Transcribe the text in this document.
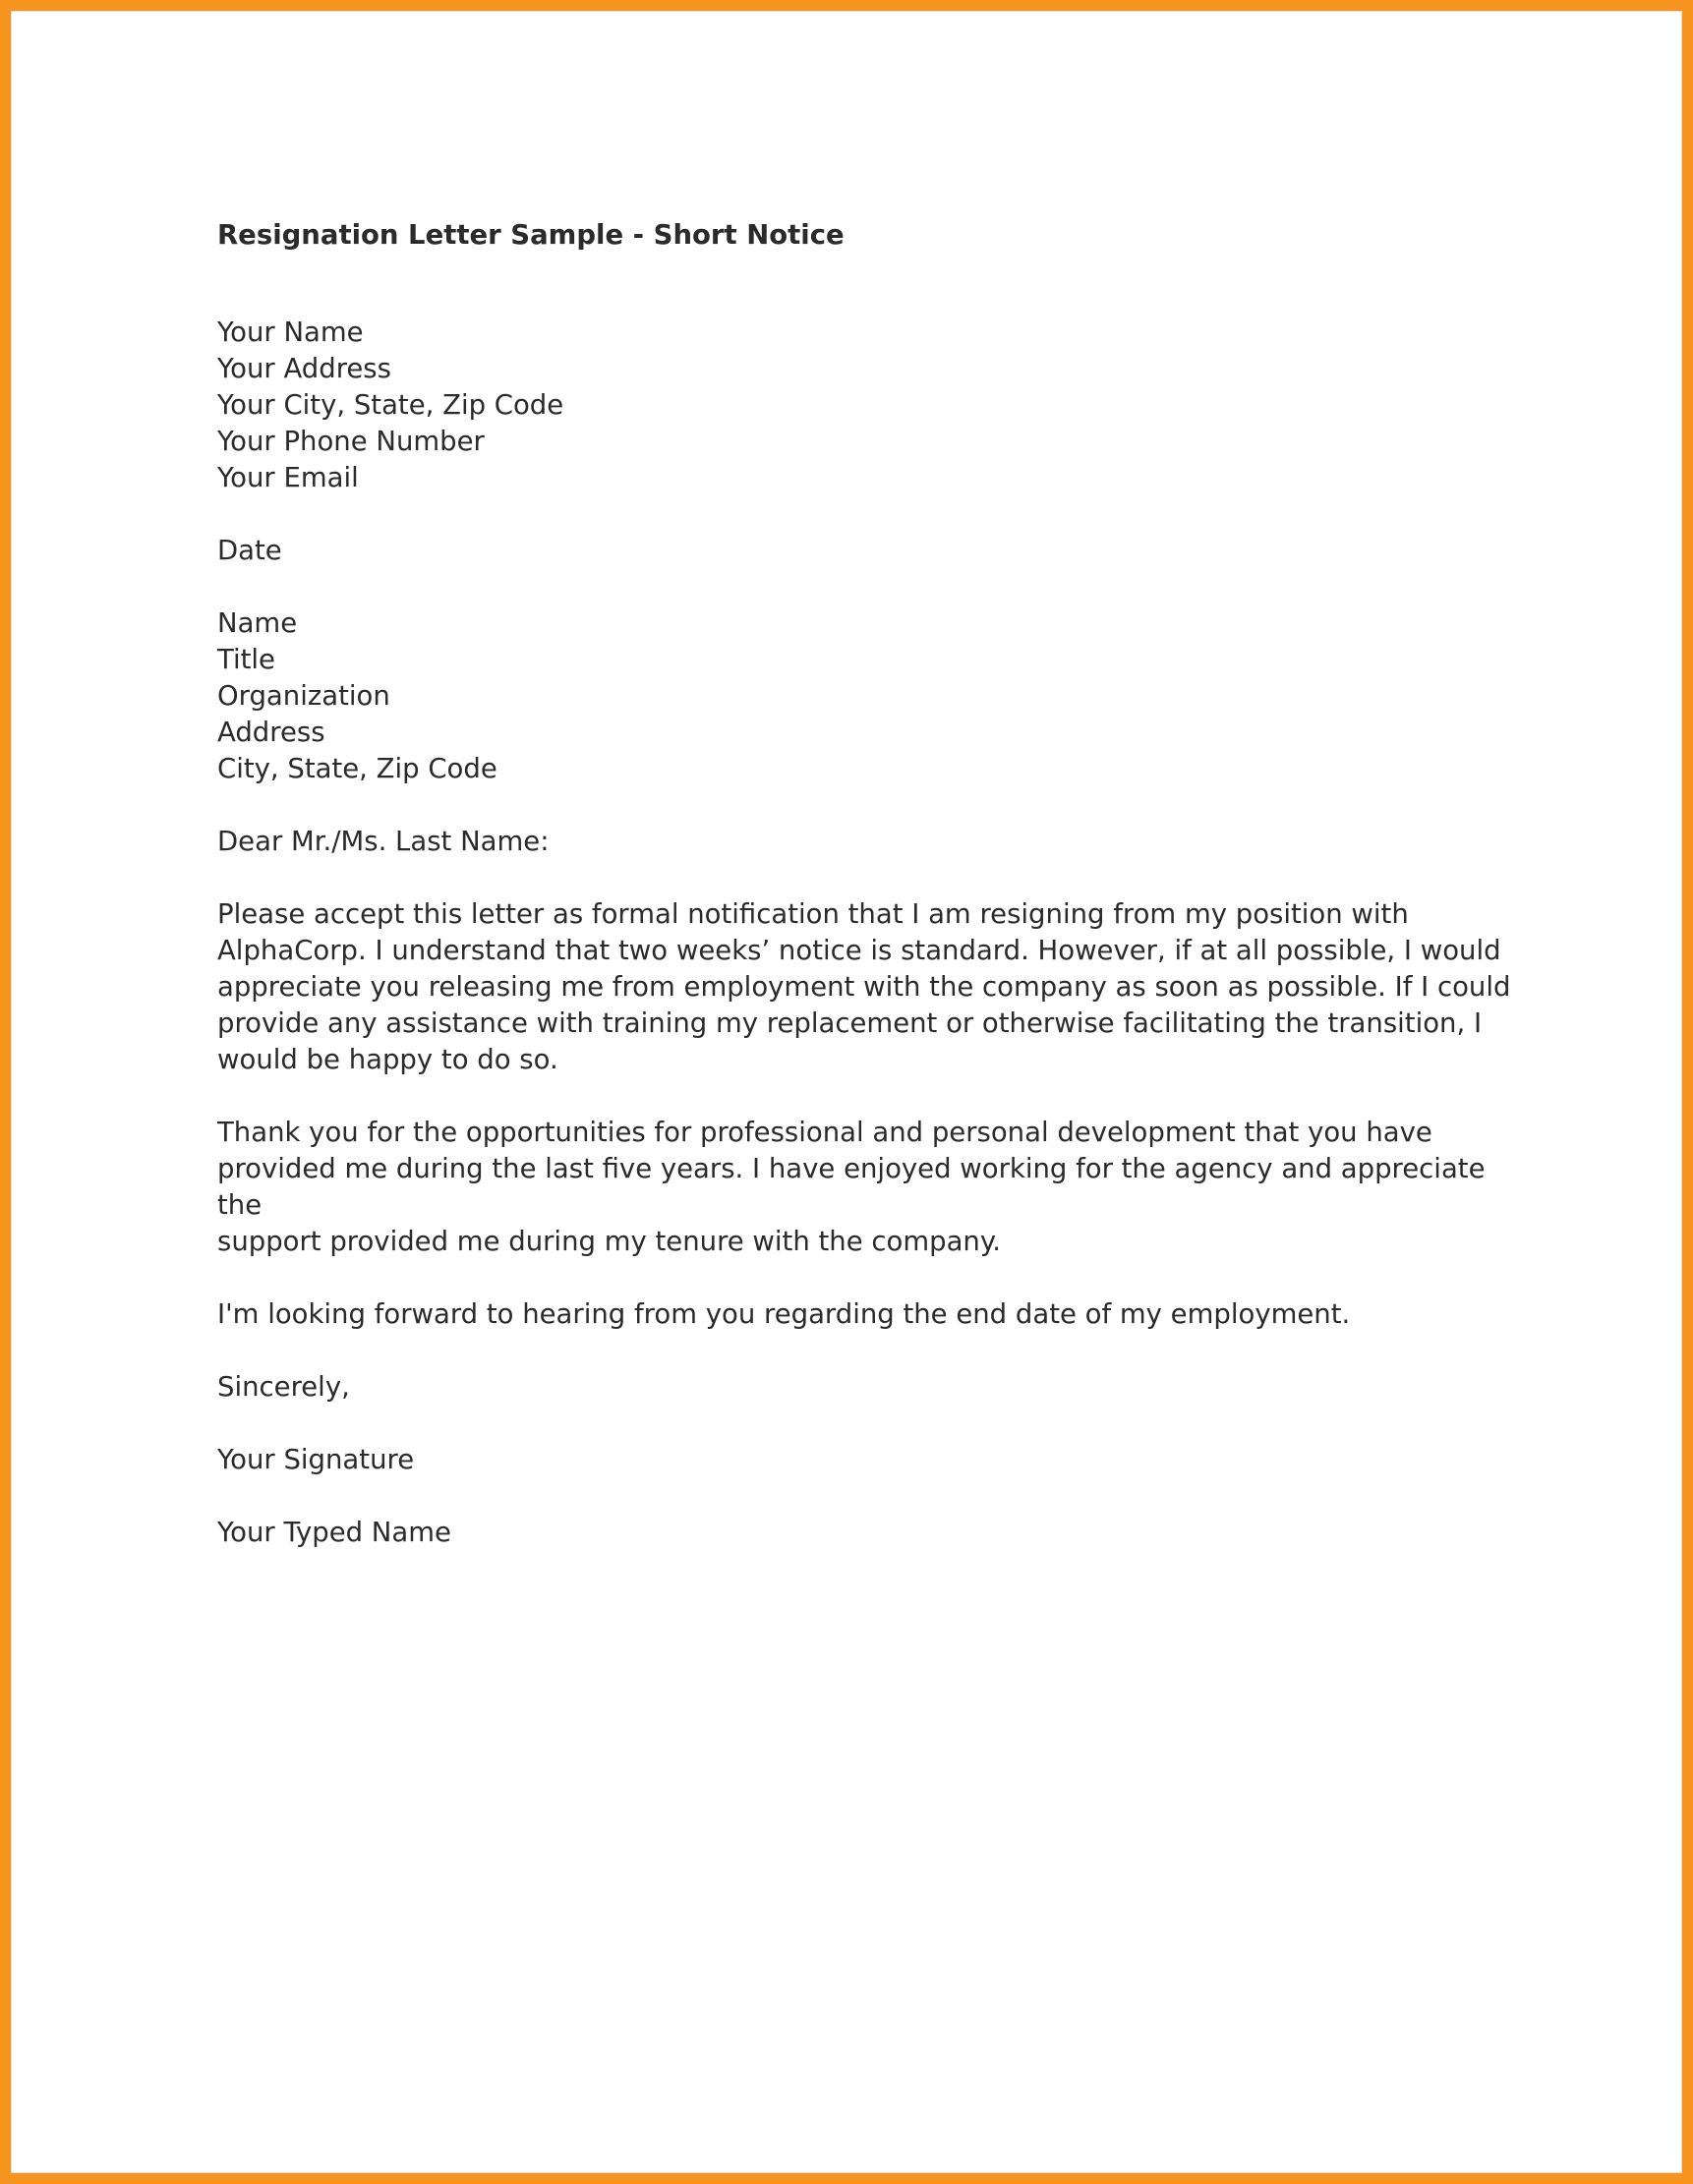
Resignation Letter Sample - Short Notice
Your Name
Your Address
Your City, State, Zip Code
Your Phone Number
Your Email
Date
Name
Title
Organization
Address
City, State, Zip Code
Dear Mr./Ms. Last Name:
Please accept this letter as formal notification that I am resigning from my position with
AlphaCorp. I understand that two weeks’ notice is standard. However, if at all possible, I would
appreciate you releasing me from employment with the company as soon as possible. If I could
provide any assistance with training my replacement or otherwise facilitating the transition, I
would be happy to do so.
Thank you for the opportunities for professional and personal development that you have
provided me during the last five years. I have enjoyed working for the agency and appreciate the
support provided me during my tenure with the company.
I'm looking forward to hearing from you regarding the end date of my employment.
Sincerely,
Your Signature
Your Typed Name
